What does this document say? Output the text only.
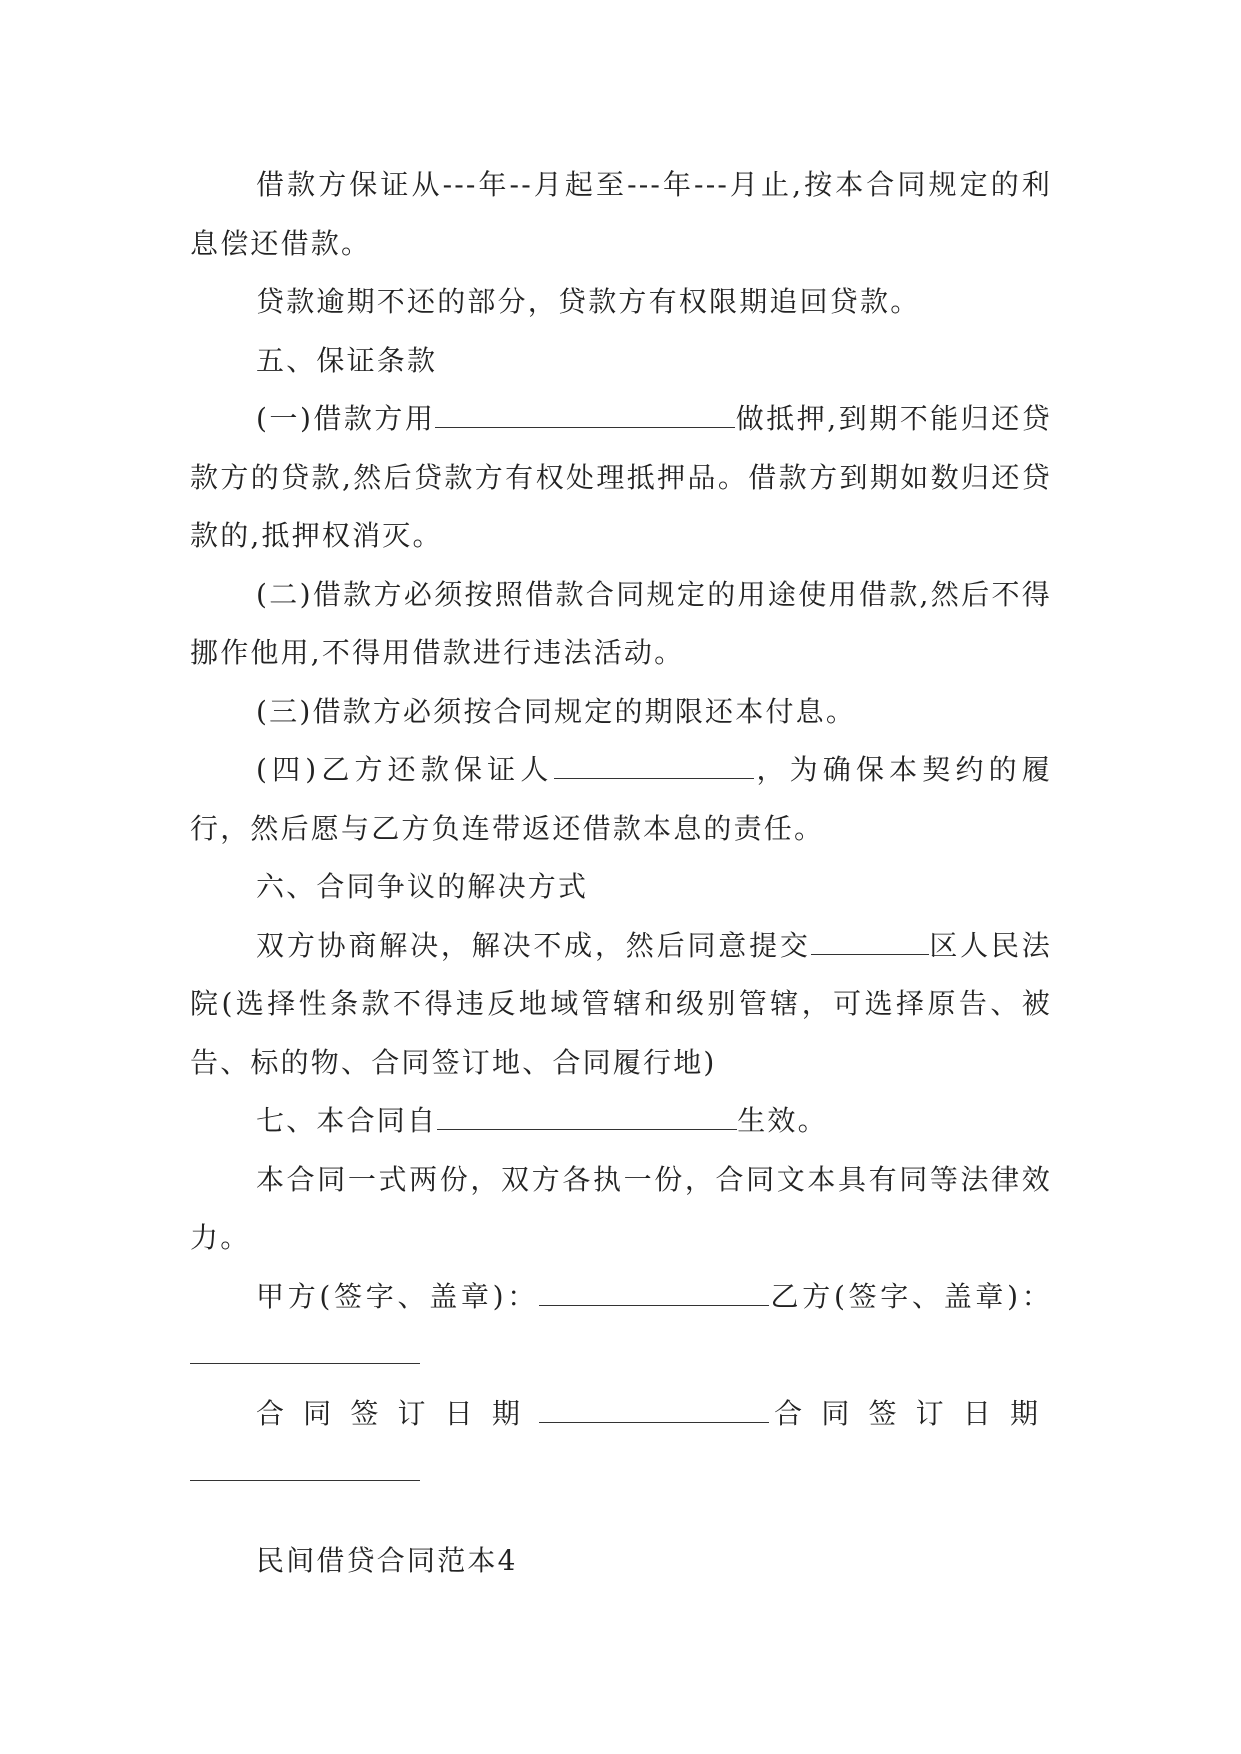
借款方保证从---年--月起至---年---月止,按本合同规定的利息偿还借款。

贷款逾期不还的部分，贷款方有权限期追回贷款。

五、保证条款

(一)借款方用	做抵押,到期不能归还贷款方的贷款,然后贷款方有权处理抵押品。借款方到期如数归还贷款的,抵押权消灭。

(二)借款方必须按照借款合同规定的用途使用借款,然后不得挪作他用,不得用借款进行违法活动。

(三)借款方必须按合同规定的期限还本付息。

(四)乙方还款保证人	，为确保本契约的履行，然后愿与乙方负连带返还借款本息的责任。

六、合同争议的解决方式

双方协商解决，解决不成，然后同意提交	区人民法院(选择性条款不得违反地域管辖和级别管辖，可选择原告、被告、标的物、合同签订地、合同履行地)

七、本合同自	生效。

本合同一式两份，双方各执一份，合同文本具有同等法律效力。

甲方(签字、盖章)：	乙方(签字、盖章)：

合同签订日期	合同签订日期

民间借贷合同范本4
